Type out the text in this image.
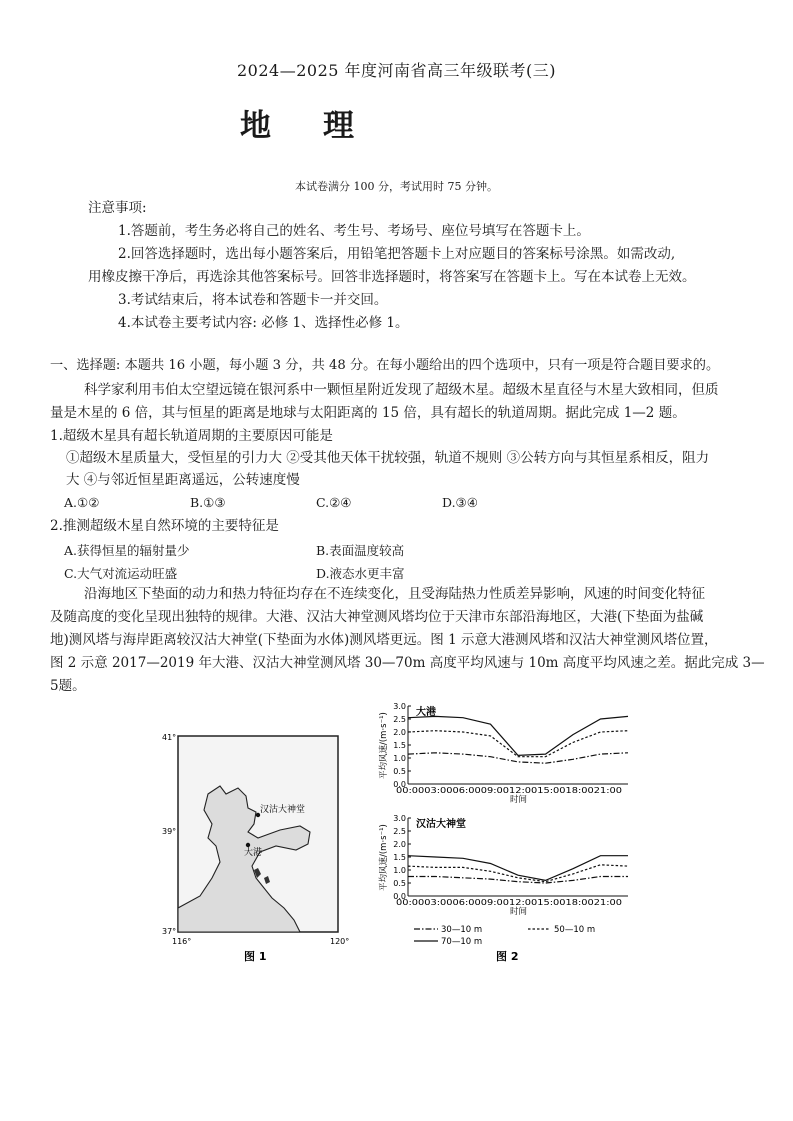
2024—2025 年度河南省高三年级联考(三)
地理
本试卷满分 100 分，考试用时 75 分钟。
注意事项:
1.答题前，考生务必将自己的姓名、考生号、考场号、座位号填写在答题卡上。
2.回答选择题时，选出每小题答案后，用铅笔把答题卡上对应题目的答案标号涂黑。如需改动,
用橡皮擦干净后，再选涂其他答案标号。回答非选择题时，将答案写在答题卡上。写在本试卷上无效。
3.考试结束后，将本试卷和答题卡一并交回。
4.本试卷主要考试内容: 必修 1、选择性必修 1。
一、选择题: 本题共 16 小题，每小题 3 分，共 48 分。在每小题给出的四个选项中，只有一项是符合题目要求的。
科学家利用韦伯太空望远镜在银河系中一颗恒星附近发现了超级木星。超级木星直径与木星大致相同，但质
量是木星的 6 倍，其与恒星的距离是地球与太阳距离的 15 倍，具有超长的轨道周期。据此完成 1—2 题。
1.超级木星具有超长轨道周期的主要原因可能是
①超级木星质量大，受恒星的引力大 ②受其他天体干扰较强，轨道不规则 ③公转方向与其恒星系相反，阻力
大 ④与邻近恒星距离遥远，公转速度慢
A.①②	B.①③	C.②④	D.③④
2.推测超级木星自然环境的主要特征是
A.获得恒星的辐射量少	B.表面温度较高
C.大气对流运动旺盛	D.液态水更丰富
沿海地区下垫面的动力和热力特征均存在不连续变化，且受海陆热力性质差异影响，风速的时间变化特征
及随高度的变化呈现出独特的规律。大港、汉沽大神堂测风塔均位于天津市东部沿海地区，大港(下垫面为盐碱
地)测风塔与海岸距离较汉沽大神堂(下垫面为水体)测风塔更远。图 1 示意大港测风塔和汉沽大神堂测风塔位置，
图 2 示意 2017—2019 年大港、汉沽大神堂测风塔 30—70m 高度平均风速与 10m 高度平均风速之差。据此完成 3—
5题。
汉沽大神堂
大港
41°
39°
37°
116°	120°
图 1
大港
00:0003:0006:0009:0012:0015:0018:0021:00
时间
平均风速/(m·s⁻¹)
0.0
0.5
1.0
1.5
2.0
2.5
3.0
汉沽大神堂
00:0003:0006:0009:0012:0015:0018:0021:00
时间
平均风速/(m·s⁻¹)
0.0
0.5
1.0
1.5
2.0
2.5
3.0
30—10 m	50—10 m
70—10 m
图 2
